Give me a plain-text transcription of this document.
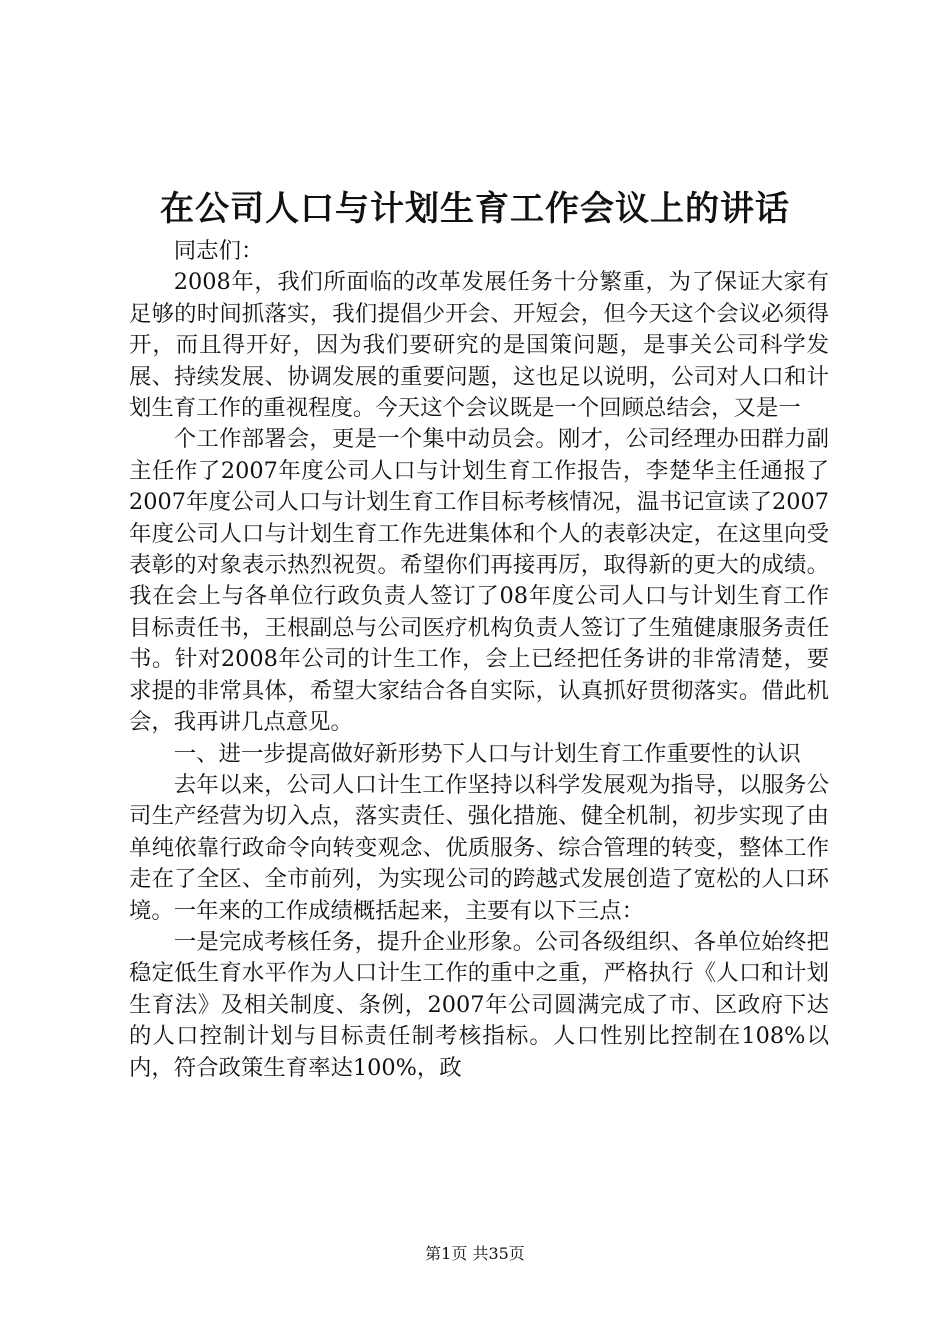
在公司人口与计划生育工作会议上的讲话

同志们：

2008年，我们所面临的改革发展任务十分繁重，为了保证大家有足够的时间抓落实，我们提倡少开会、开短会，但今天这个会议必须得开，而且得开好，因为我们要研究的是国策问题，是事关公司科学发展、持续发展、协调发展的重要问题，这也足以说明，公司对人口和计划生育工作的重视程度。今天这个会议既是一个回顾总结会，又是一

个工作部署会，更是一个集中动员会。刚才，公司经理办田群力副主任作了2007年度公司人口与计划生育工作报告，李楚华主任通报了2007年度公司人口与计划生育工作目标考核情况，温书记宣读了2007年度公司人口与计划生育工作先进集体和个人的表彰决定，在这里向受表彰的对象表示热烈祝贺。希望你们再接再厉，取得新的更大的成绩。我在会上与各单位行政负责人签订了08年度公司人口与计划生育工作目标责任书，王根副总与公司医疗机构负责人签订了生殖健康服务责任书。针对2008年公司的计生工作，会上已经把任务讲的非常清楚，要求提的非常具体，希望大家结合各自实际，认真抓好贯彻落实。借此机会，我再讲几点意见。

一、进一步提高做好新形势下人口与计划生育工作重要性的认识

去年以来，公司人口计生工作坚持以科学发展观为指导，以服务公司生产经营为切入点，落实责任、强化措施、健全机制，初步实现了由单纯依靠行政命令向转变观念、优质服务、综合管理的转变，整体工作走在了全区、全市前列，为实现公司的跨越式发展创造了宽松的人口环境。一年来的工作成绩概括起来，主要有以下三点：

一是完成考核任务，提升企业形象。公司各级组织、各单位始终把稳定低生育水平作为人口计生工作的重中之重，严格执行《人口和计划生育法》及相关制度、条例，2007年公司圆满完成了市、区政府下达的人口控制计划与目标责任制考核指标。人口性别比控制在108%以内，符合政策生育率达100%，政

第1页 共35页
